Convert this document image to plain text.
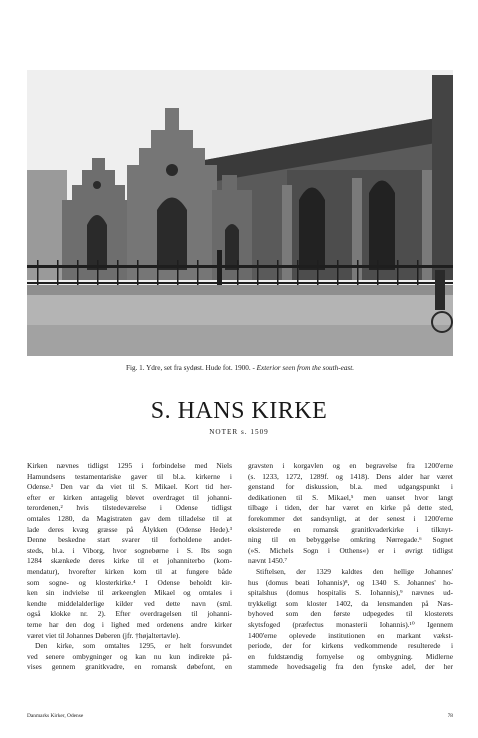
Fig. 1. Ydre, set fra sydøst. Hude fot. 1900. - Exterior seen from the south-east.
S. HANS KIRKE
NOTER s. 1509
Kirken nævnes tidligst 1295 i forbindelse med Niels
Hamundsens testamentariske gaver til bl.a. kirkerne i
Odense.¹ Den var da viet til S. Mikael. Kort tid her-
efter er kirken antagelig blevet overdraget til johanni-
terordenen,² hvis tilstedeværelse i Odense tidligst
omtales 1280, da Magistraten gav dem tilladelse til at
lade deres kvæg græsse på Ålykken (Odense Hede).³
Denne beskedne start svarer til forholdene andet-
steds, bl.a. i Viborg, hvor sognebørne i S. Ibs sogn
1284 skænkede deres kirke til et johanniterbo (kom-
mendatur), hvorefter kirken kom til at fungere både
som sogne- og klosterkirke.⁴ I Odense beholdt kir-
ken sin indvielse til ærkeenglen Mikael og omtales i
kendte middelalderlige kilder ved dette navn (sml.
også klokke nr. 2). Efter overdragelsen til johanni-
terne har den dog i lighed med ordenens andre kirker
været viet til Johannes Døberen (jfr. †højaltertavle).
Den kirke, som omtaltes 1295, er helt forsvundet
ved senere ombygninger og kan nu kun indirekte på-
vises gennem granitkvadre, en romansk døbefont, en
gravsten i korgavlen og en begravelse fra 1200'erne
(s. 1233, 1272, 1289f. og 1418). Dens alder har været
genstand for diskussion, bl.a. med udgangspunkt i
dedikationen til S. Mikael,⁵ men uanset hvor langt
tilbage i tiden, der har været en kirke på dette sted,
forekommer det sandsynligt, at der senest i 1200'erne
eksisterede en romansk granitkvaderkirke i tilknyt-
ning til en bebyggelse omkring Nørregade.⁶ Sognet
(»S. Michels Sogn i Otthens«) er i øvrigt tidligst
nævnt 1450.⁷
Stiftelsen, der 1329 kaldtes den hellige Johannes'
hus (domus beati Iohannis)⁸, og 1340 S. Johannes' ho-
spitalshus (domus hospitalis S. Iohannis),⁹ nævnes ud-
trykkeligt som kloster 1402, da lensmanden på Næs-
byhoved som den første udpegedes til klosterets
skytsfoged (præfectus monasterii Iohannis).¹⁰ Igennem
1400'erne oplevede institutionen en markant vækst-
periode, der for kirkens vedkommende resulterede i
en fuldstændig fornyelse og ombygning. Midlerne
stammede hovedsagelig fra den fynske adel, der her
Danmarks Kirker, Odense	78
